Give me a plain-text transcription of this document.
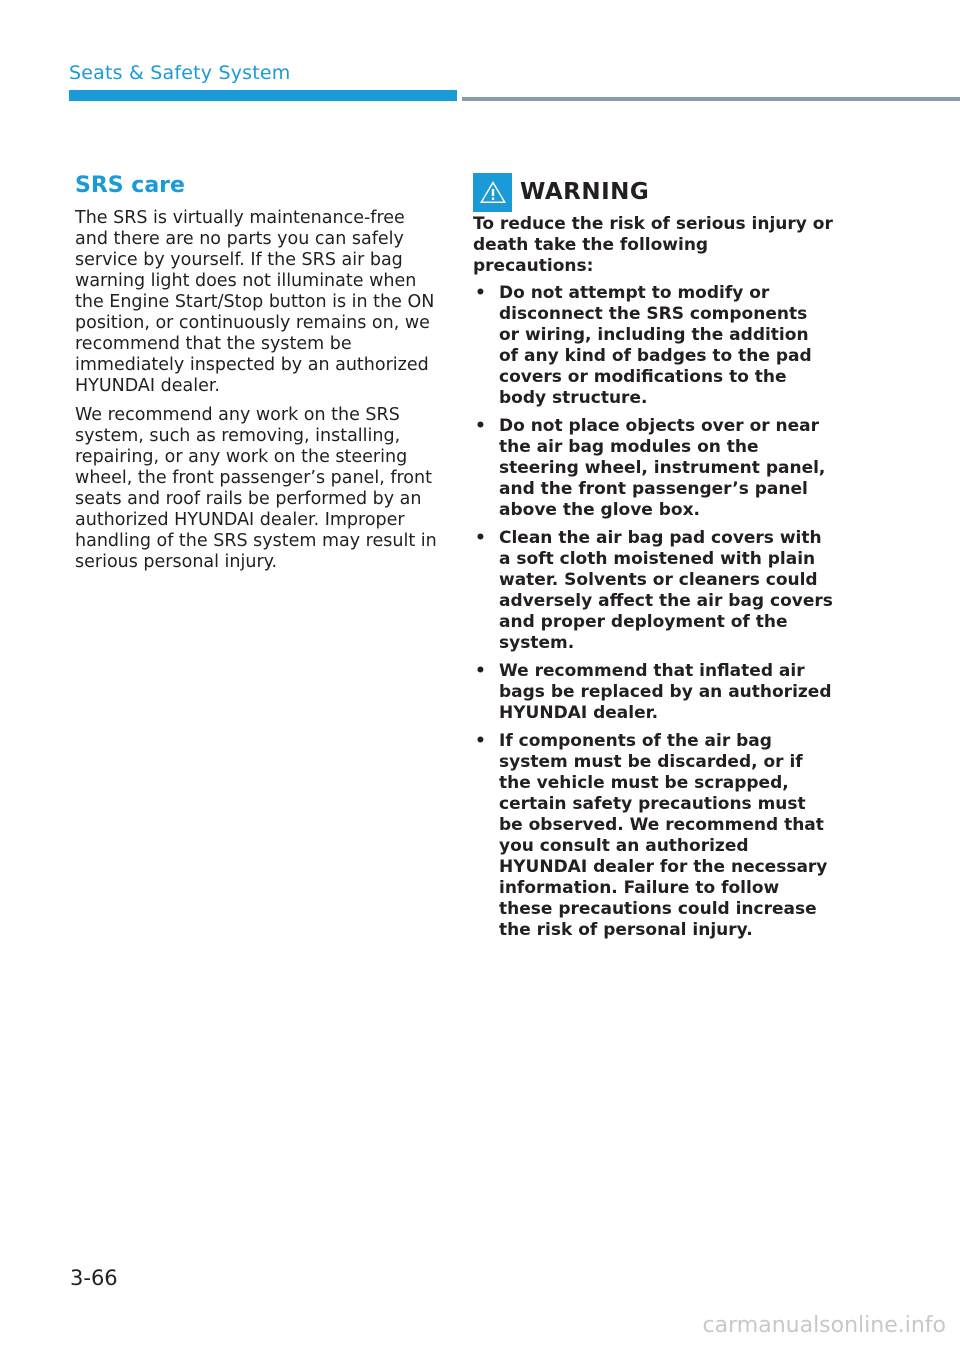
Seats & Safety System
SRS care

The SRS is virtually maintenance-free and there are no parts you can safely service by yourself. If the SRS air bag warning light does not illuminate when the Engine Start/Stop button is in the ON position, or continuously remains on, we recommend that the system be immediately inspected by an authorized HYUNDAI dealer.

We recommend any work on the SRS system, such as removing, installing, repairing, or any work on the steering wheel, the front passenger’s panel, front seats and roof rails be performed by an authorized HYUNDAI dealer. Improper handling of the SRS system may result in serious personal injury.

WARNING

To reduce the risk of serious injury or death take the following precautions:

• Do not attempt to modify or disconnect the SRS components or wiring, including the addition of any kind of badges to the pad covers or modifications to the body structure.
• Do not place objects over or near the air bag modules on the steering wheel, instrument panel, and the front passenger’s panel above the glove box.
• Clean the air bag pad covers with a soft cloth moistened with plain water. Solvents or cleaners could adversely affect the air bag covers and proper deployment of the system.
• We recommend that inflated air bags be replaced by an authorized HYUNDAI dealer.
• If components of the air bag system must be discarded, or if the vehicle must be scrapped, certain safety precautions must be observed. We recommend that you consult an authorized HYUNDAI dealer for the necessary information. Failure to follow these precautions could increase the risk of personal injury.
3-66
carmanualsonline.info
